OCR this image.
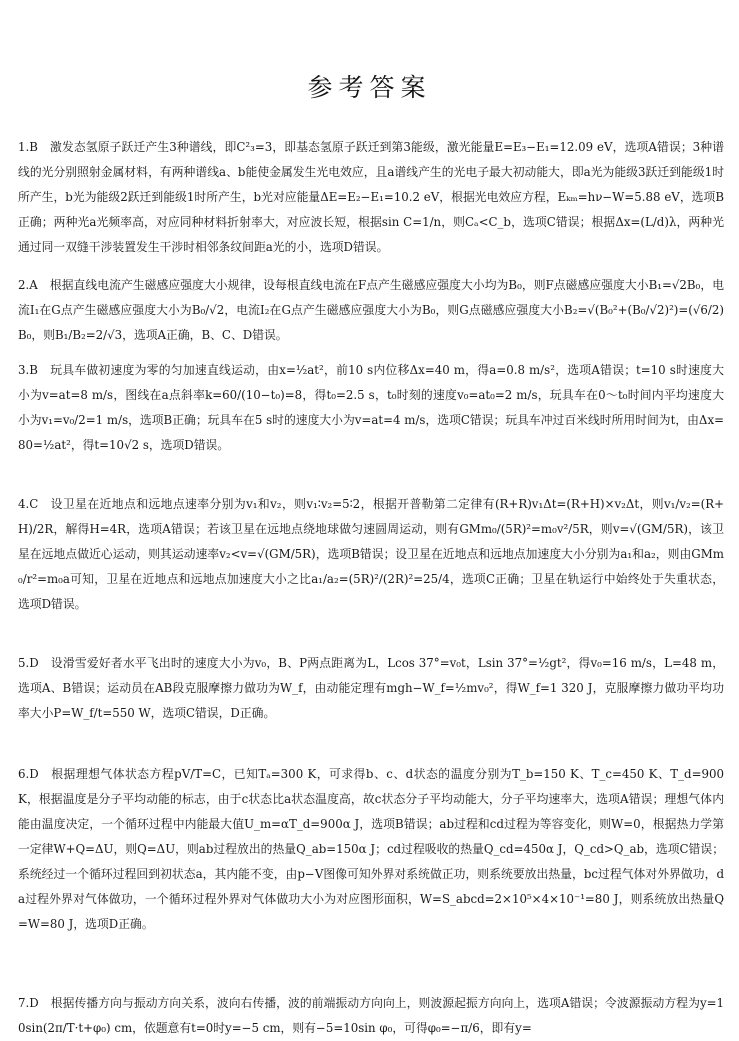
参考答案
1.B 激发态氢原子跃迁产生3种谱线，即C²₃=3，即基态氢原子跃迁到第3能级，激光能量E=E₃−E₁=12.09 eV，选项A错误；3种谱线的光分别照射金属材料，有两种谱线a、b能使金属发生光电效应，且a谱线产生的光电子最大初动能大，即a光为能级3跃迁到能级1时所产生，b光为能级2跃迁到能级1时所产生，b光对应能量ΔE=E₂−E₁=10.2 eV，根据光电效应方程，Eₖₘ=hν−W=5.88 eV，选项B正确；两种光a光频率高，对应同种材料折射率大，对应波长短，根据sin C=1/n，则Cₐ<C_b，选项C错误；根据Δx=(L/d)λ，两种光通过同一双缝干涉装置发生干涉时相邻条纹间距a光的小，选项D错误。
2.A 根据直线电流产生磁感应强度大小规律，设每根直线电流在F点产生磁感应强度大小均为B₀，则F点磁感应强度大小B₁=√2B₀，电流I₁在G点产生磁感应强度大小为B₀/√2，电流I₂在G点产生磁感应强度大小为B₀，则G点磁感应强度大小B₂=√(B₀²+(B₀/√2)²)=(√6/2)B₀，则B₁/B₂=2/√3，选项A正确，B、C、D错误。
3.B 玩具车做初速度为零的匀加速直线运动，由x=½at²，前10 s内位移Δx=40 m，得a=0.8 m/s²，选项A错误；t=10 s时速度大小为v=at=8 m/s，图线在a点斜率k=60/(10−t₀)=8，得t₀=2.5 s，t₀时刻的速度v₀=at₀=2 m/s，玩具车在0～t₀时间内平均速度大小为v₁=v₀/2=1 m/s，选项B正确；玩具车在5 s时的速度大小为v=at=4 m/s，选项C错误；玩具车冲过百米线时所用时间为t，由Δx=80=½at²，得t=10√2 s，选项D错误。
4.C 设卫星在近地点和远地点速率分别为v₁和v₂，则v₁∶v₂=5∶2，根据开普勒第二定律有(R+R)v₁Δt=(R+H)×v₂Δt，则v₁/v₂=(R+H)/2R，解得H=4R，选项A错误；若该卫星在远地点绕地球做匀速圆周运动，则有GMm₀/(5R)²=m₀v²/5R，则v=√(GM/5R)，该卫星在远地点做近心运动，则其运动速率v₂<v=√(GM/5R)，选项B错误；设卫星在近地点和远地点加速度大小分别为a₁和a₂，则由GMm₀/r²=m₀a可知，卫星在近地点和远地点加速度大小之比a₁/a₂=(5R)²/(2R)²=25/4，选项C正确；卫星在轨运行中始终处于失重状态，选项D错误。
5.D 设滑雪爱好者水平飞出时的速度大小为v₀，B、P两点距离为L，Lcos 37°=v₀t，Lsin 37°=½gt²，得v₀=16 m/s，L=48 m，选项A、B错误；运动员在AB段克服摩擦力做功为W_f，由动能定理有mgh−W_f=½mv₀²，得W_f=1 320 J，克服摩擦力做功平均功率大小P=W_f/t=550 W，选项C错误，D正确。
6.D 根据理想气体状态方程pV/T=C，已知Tₐ=300 K，可求得b、c、d状态的温度分别为T_b=150 K、T_c=450 K、T_d=900 K，根据温度是分子平均动能的标志，由于c状态比a状态温度高，故c状态分子平均动能大，分子平均速率大，选项A错误；理想气体内能由温度决定，一个循环过程中内能最大值U_m=αT_d=900α J，选项B错误；ab过程和cd过程为等容变化，则W=0，根据热力学第一定律W+Q=ΔU，则Q=ΔU，则ab过程放出的热量Q_ab=150α J；cd过程吸收的热量Q_cd=450α J，Q_cd>Q_ab，选项C错误；系统经过一个循环过程回到初状态a，其内能不变，由p−V图像可知外界对系统做正功，则系统要放出热量，bc过程气体对外界做功，da过程外界对气体做功，一个循环过程外界对气体做功大小为对应图形面积，W=S_abcd=2×10⁵×4×10⁻¹=80 J，则系统放出热量Q=W=80 J，选项D正确。
7.D 根据传播方向与振动方向关系，波向右传播，波的前端振动方向向上，则波源起振方向向上，选项A错误；令波源振动方程为y=10sin(2π/T·t+φ₀) cm，依题意有t=0时y=−5 cm，则有−5=10sin φ₀，可得φ₀=−π/6，即有y=
